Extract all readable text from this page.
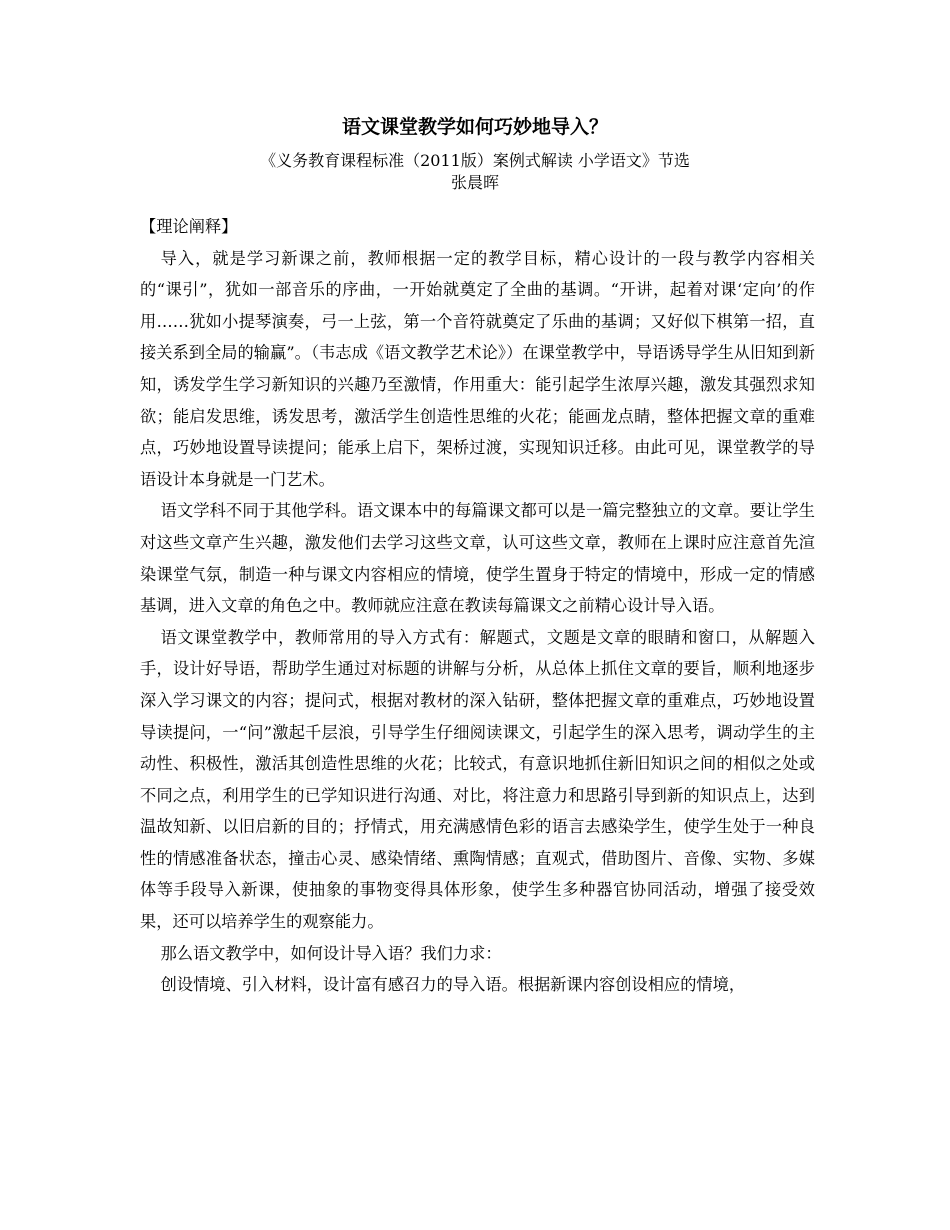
语文课堂教学如何巧妙地导入？
《义务教育课程标准（2011版）案例式解读 小学语文》节选
张晨晖

【理论阐释】

导入，就是学习新课之前，教师根据一定的教学目标，精心设计的一段与教学内容相关的“课引”，犹如一部音乐的序曲，一开始就奠定了全曲的基调。“开讲，起着对课‘定向’的作用……犹如小提琴演奏，弓一上弦，第一个音符就奠定了乐曲的基调；又好似下棋第一招，直接关系到全局的输赢”。（韦志成《语文教学艺术论》）在课堂教学中，导语诱导学生从旧知到新知，诱发学生学习新知识的兴趣乃至激情，作用重大：能引起学生浓厚兴趣，激发其强烈求知欲；能启发思维，诱发思考，激活学生创造性思维的火花；能画龙点睛，整体把握文章的重难点，巧妙地设置导读提问；能承上启下，架桥过渡，实现知识迁移。由此可见，课堂教学的导语设计本身就是一门艺术。

语文学科不同于其他学科。语文课本中的每篇课文都可以是一篇完整独立的文章。要让学生对这些文章产生兴趣，激发他们去学习这些文章，认可这些文章，教师在上课时应注意首先渲染课堂气氛，制造一种与课文内容相应的情境，使学生置身于特定的情境中，形成一定的情感基调，进入文章的角色之中。教师就应注意在教读每篇课文之前精心设计导入语。

语文课堂教学中，教师常用的导入方式有：解题式，文题是文章的眼睛和窗口，从解题入手，设计好导语，帮助学生通过对标题的讲解与分析，从总体上抓住文章的要旨，顺利地逐步深入学习课文的内容；提问式，根据对教材的深入钻研，整体把握文章的重难点，巧妙地设置导读提问，一“问”激起千层浪，引导学生仔细阅读课文，引起学生的深入思考，调动学生的主动性、积极性，激活其创造性思维的火花；比较式，有意识地抓住新旧知识之间的相似之处或不同之点，利用学生的已学知识进行沟通、对比，将注意力和思路引导到新的知识点上，达到温故知新、以旧启新的目的；抒情式，用充满感情色彩的语言去感染学生，使学生处于一种良性的情感准备状态，撞击心灵、感染情绪、熏陶情感；直观式，借助图片、音像、实物、多媒体等手段导入新课，使抽象的事物变得具体形象，使学生多种器官协同活动，增强了接受效果，还可以培养学生的观察能力。

那么语文教学中，如何设计导入语？我们力求：

创设情境、引入材料，设计富有感召力的导入语。根据新课内容创设相应的情境，
